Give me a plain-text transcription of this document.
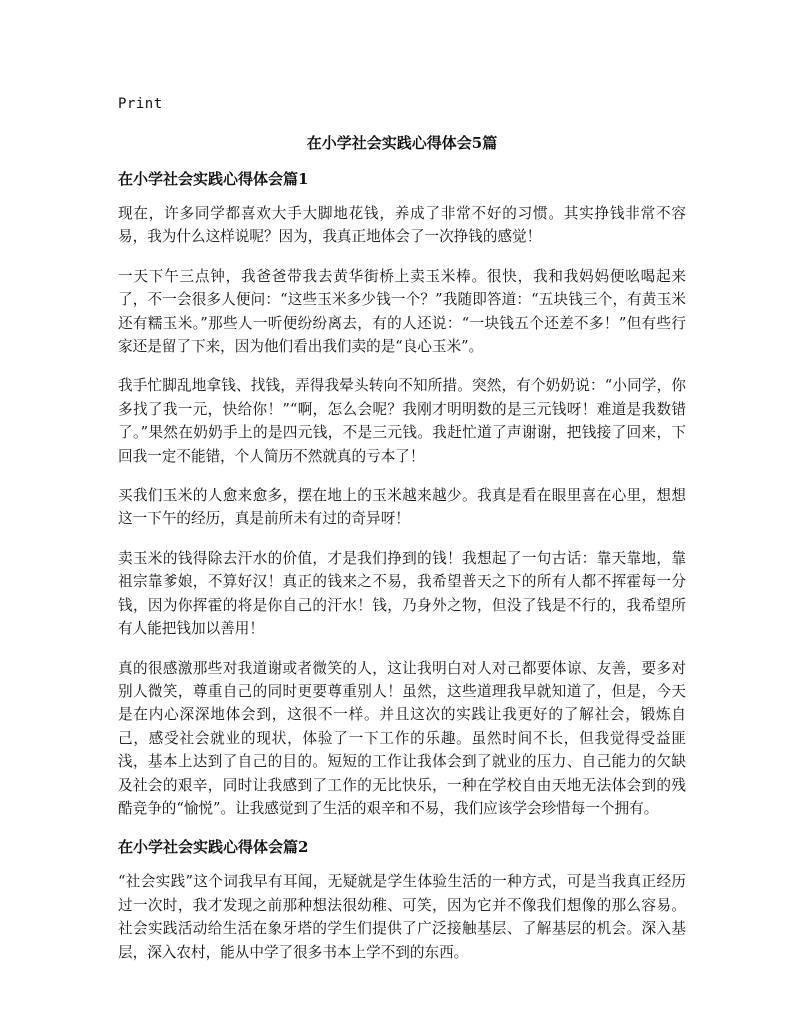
Print
在小学社会实践心得体会5篇
在小学社会实践心得体会篇1

现在，许多同学都喜欢大手大脚地花钱，养成了非常不好的习惯。其实挣钱非常不容易，我为什么这样说呢？因为，我真正地体会了一次挣钱的感觉！

一天下午三点钟，我爸爸带我去黄华街桥上卖玉米棒。很快，我和我妈妈便吆喝起来了，不一会很多人便问：“这些玉米多少钱一个？”我随即答道：“五块钱三个，有黄玉米还有糯玉米。”那些人一听便纷纷离去，有的人还说：“一块钱五个还差不多！”但有些行家还是留了下来，因为他们看出我们卖的是“良心玉米”。

我手忙脚乱地拿钱、找钱，弄得我晕头转向不知所措。突然，有个奶奶说：“小同学，你多找了我一元，快给你！”“啊，怎么会呢？我刚才明明数的是三元钱呀！难道是我数错了。”果然在奶奶手上的是四元钱，不是三元钱。我赶忙道了声谢谢，把钱接了回来，下回我一定不能错，个人简历不然就真的亏本了！

买我们玉米的人愈来愈多，摆在地上的玉米越来越少。我真是看在眼里喜在心里，想想这一下午的经历，真是前所未有过的奇异呀！

卖玉米的钱得除去汗水的价值，才是我们挣到的钱！我想起了一句古话：靠天靠地，靠祖宗靠爹娘，不算好汉！真正的钱来之不易，我希望普天之下的所有人都不挥霍每一分钱，因为你挥霍的将是你自己的汗水！钱，乃身外之物，但没了钱是不行的，我希望所有人能把钱加以善用！

真的很感激那些对我道谢或者微笑的人，这让我明白对人对己都要体谅、友善，要多对别人微笑，尊重自己的同时更要尊重别人！虽然，这些道理我早就知道了，但是，今天是在内心深深地体会到，这很不一样。并且这次的实践让我更好的了解社会，锻炼自己，感受社会就业的现状，体验了一下工作的乐趣。虽然时间不长，但我觉得受益匪浅，基本上达到了自己的目的。短短的工作让我体会到了就业的压力、自己能力的欠缺及社会的艰辛，同时让我感到了工作的无比快乐，一种在学校自由天地无法体会到的残酷竞争的“愉悦”。让我感觉到了生活的艰辛和不易，我们应该学会珍惜每一个拥有。

在小学社会实践心得体会篇2

“社会实践”这个词我早有耳闻，无疑就是学生体验生活的一种方式，可是当我真正经历过一次时，我才发现之前那种想法很幼稚、可笑，因为它并不像我们想像的那么容易。社会实践活动给生活在象牙塔的学生们提供了广泛接触基层、了解基层的机会。深入基层，深入农村，能从中学了很多书本上学不到的东西。
